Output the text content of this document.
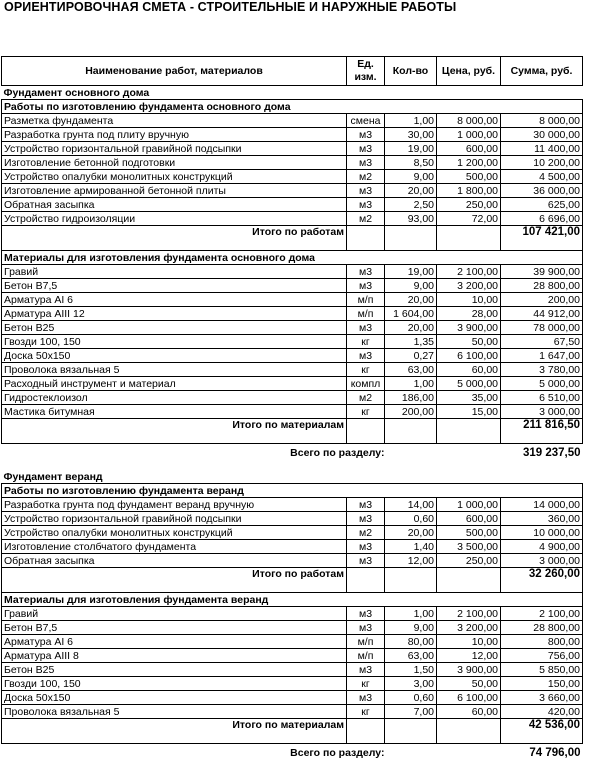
ОРИЕНТИРОВОЧНАЯ СМЕТА - СТРОИТЕЛЬНЫЕ И НАРУЖНЫЕ РАБОТЫ
Наименование работ, материалов	Ед. изм.	Кол-во	Цена, руб.	Сумма, руб.
Фундамент основного дома				
Работы по изготовлению фундамента основного дома				
Разметка фундамента	смена	1,00	8 000,00	8 000,00
Разработка грунта под плиту вручную	м3	30,00	1 000,00	30 000,00
Устройство горизонтальной гравийной подсыпки	м3	19,00	600,00	11 400,00
Изготовление бетонной подготовки	м3	8,50	1 200,00	10 200,00
Устройство опалубки монолитных конструкций	м2	9,00	500,00	4 500,00
Изготовление армированной бетонной плиты	м3	20,00	1 800,00	36 000,00
Обратная засыпка	м3	2,50	250,00	625,00
Устройство гидроизоляции	м2	93,00	72,00	6 696,00
Итого по работам				107 421,00
Материалы для изготовления фундамента основного дома				
Гравий	м3	19,00	2 100,00	39 900,00
Бетон В7,5	м3	9,00	3 200,00	28 800,00
Арматура AI 6	м/п	20,00	10,00	200,00
Арматура AIII 12	м/п	1 604,00	28,00	44 912,00
Бетон В25	м3	20,00	3 900,00	78 000,00
Гвозди 100, 150	кг	1,35	50,00	67,50
Доска 50х150	м3	0,27	6 100,00	1 647,00
Проволока вязальная 5	кг	63,00	60,00	3 780,00
Расходный инструмент и материал	компл	1,00	5 000,00	5 000,00
Гидростеклоизол	м2	186,00	35,00	6 510,00
Мастика битумная	кг	200,00	15,00	3 000,00
Итого по материалам				211 816,50
Всего по разделу:				319 237,50

Фундамент веранд				
Работы по изготовлению фундамента веранд				
Разработка грунта под фундамент веранд вручную	м3	14,00	1 000,00	14 000,00
Устройство горизонтальной гравийной подсыпки	м3	0,60	600,00	360,00
Устройство опалубки монолитных конструкций	м2	20,00	500,00	10 000,00
Изготовление столбчатого фундамента	м3	1,40	3 500,00	4 900,00
Обратная засыпка	м3	12,00	250,00	3 000,00
Итого по работам				32 260,00
Материалы для изготовления фундамента веранд				
Гравий	м3	1,00	2 100,00	2 100,00
Бетон В7,5	м3	9,00	3 200,00	28 800,00
Арматура AI 6	м/п	80,00	10,00	800,00
Арматура AIII 8	м/п	63,00	12,00	756,00
Бетон В25	м3	1,50	3 900,00	5 850,00
Гвозди 100, 150	кг	3,00	50,00	150,00
Доска 50х150	м3	0,60	6 100,00	3 660,00
Проволока вязальная 5	кг	7,00	60,00	420,00
Итого по материалам				42 536,00
Всего по разделу:				74 796,00
